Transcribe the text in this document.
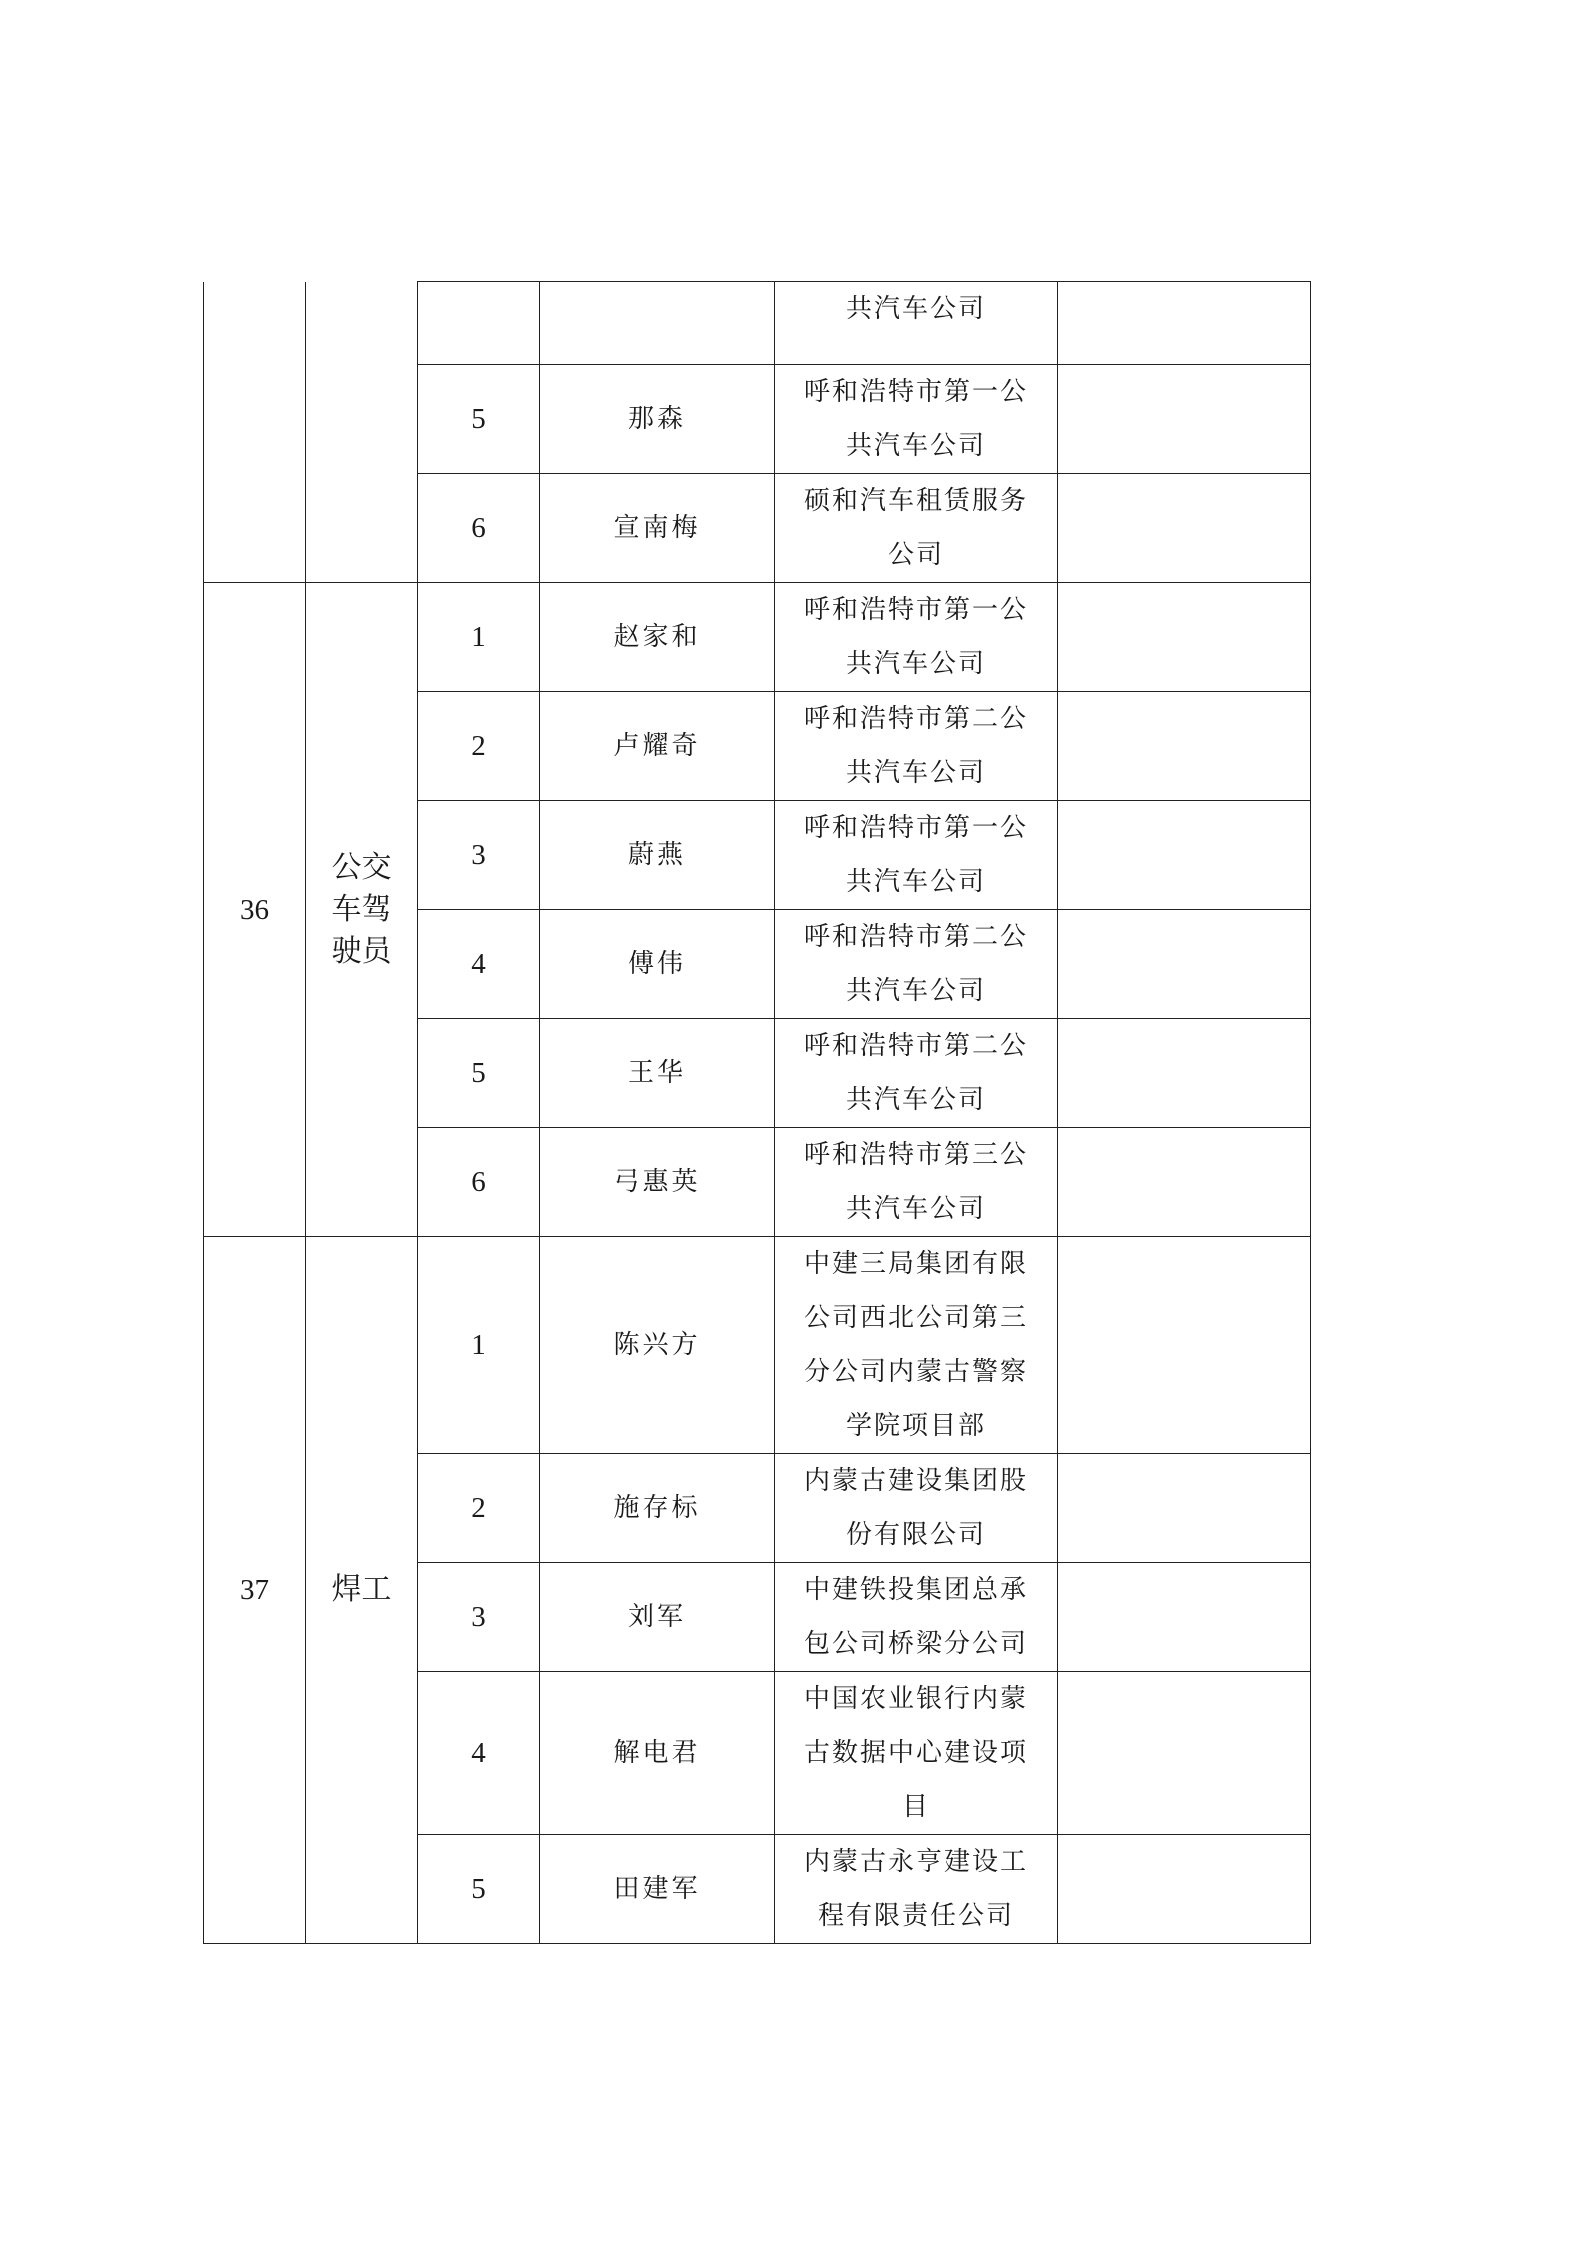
				共汽车公司	
		5	那森	呼和浩特市第一公共汽车公司	
		6	宣南梅	硕和汽车租赁服务公司	
36	公交车驾驶员	1	赵家和	呼和浩特市第一公共汽车公司	
		2	卢耀奇	呼和浩特市第二公共汽车公司	
		3	蔚燕	呼和浩特市第一公共汽车公司	
		4	傅伟	呼和浩特市第二公共汽车公司	
		5	王华	呼和浩特市第二公共汽车公司	
		6	弓惠英	呼和浩特市第三公共汽车公司	
37	焊工	1	陈兴方	中建三局集团有限公司西北公司第三分公司内蒙古警察学院项目部	
		2	施存标	内蒙古建设集团股份有限公司	
		3	刘军	中建铁投集团总承包公司桥梁分公司	
		4	解电君	中国农业银行内蒙古数据中心建设项目	
		5	田建军	内蒙古永亨建设工程有限责任公司	
